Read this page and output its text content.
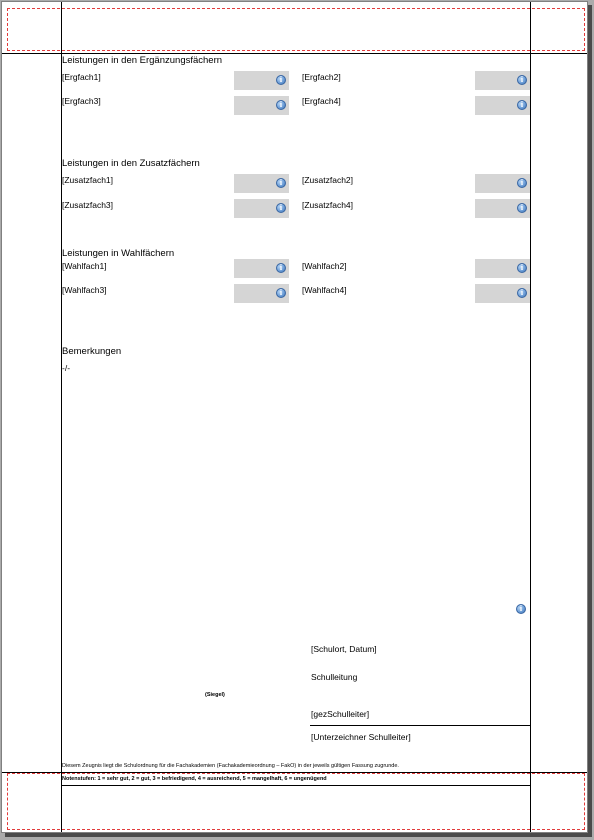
Leistungen in den Ergänzungsfächern
[Ergfach1] i	[Ergfach2]
i
[Ergfach3] i	[Ergfach4]
i
Leistungen in den Zusatzfächern
[Zusatzfach1] i	[Zusatzfach2]
i
[Zusatzfach3] i	[Zusatzfach4]
i
Leistungen in Wahlfächern
[Wahlfach1] i	[Wahlfach2]
i
[Wahlfach3] i	[Wahlfach4]
i
Bemerkungen
-/-
i
[Schulort, Datum]
Schulleitung
(Siegel)
[gezSchulleiter]
[Unterzeichner Schulleiter]
Diesem Zeugnis liegt die Schulordnung für die Fachakademien (Fachakademieordnung – FakO) in der jeweils gültigen Fassung zugrunde.
Notenstufen: 1 = sehr gut, 2 = gut, 3 = befriedigend, 4 = ausreichend, 5 = mangelhaft, 6 = ungenügend
